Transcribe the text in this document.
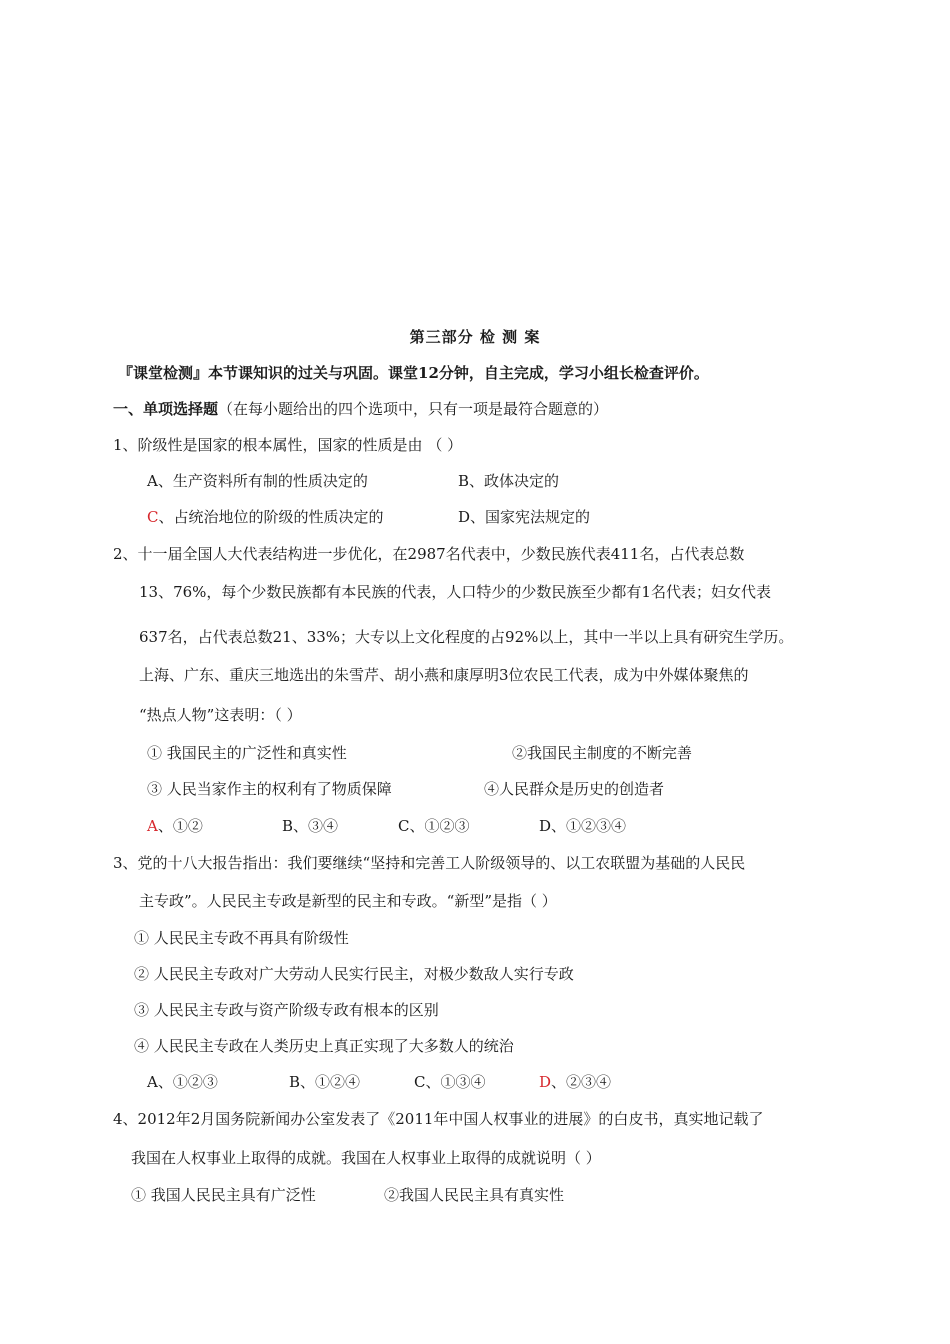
第三部分 检 测 案
『课堂检测』本节课知识的过关与巩固。课堂12分钟，自主完成，学习小组长检查评价。
一、单项选择题（在每小题给出的四个选项中，只有一项是最符合题意的）
1、阶级性是国家的根本属性，国家的性质是由 （ ）
A、生产资料所有制的性质决定的	B、政体决定的
C、占统治地位的阶级的性质决定的	D、国家宪法规定的
2、十一届全国人大代表结构进一步优化，在2987名代表中，少数民族代表411名，占代表总数
13、76%，每个少数民族都有本民族的代表，人口特少的少数民族至少都有1名代表；妇女代表
637名，占代表总数21、33%；大专以上文化程度的占92%以上，其中一半以上具有研究生学历。
上海、广东、重庆三地选出的朱雪芹、胡小燕和康厚明3位农民工代表，成为中外媒体聚焦的
“热点人物”这表明：（ ）
① 我国民主的广泛性和真实性	②我国民主制度的不断完善
③ 人民当家作主的权利有了物质保障	④人民群众是历史的创造者
A、①②	B、③④	C、①②③	D、①②③④
3、党的十八大报告指出：我们要继续“坚持和完善工人阶级领导的、以工农联盟为基础的人民民
主专政”。人民民主专政是新型的民主和专政。“新型”是指（ ）
① 人民民主专政不再具有阶级性
② 人民民主专政对广大劳动人民实行民主，对极少数敌人实行专政
③ 人民民主专政与资产阶级专政有根本的区别
④ 人民民主专政在人类历史上真正实现了大多数人的统治
A、①②③	B、①②④	C、①③④	D、②③④
4、2012年2月国务院新闻办公室发表了《2011年中国人权事业的进展》的白皮书，真实地记载了
我国在人权事业上取得的成就。我国在人权事业上取得的成就说明（ ）
① 我国人民民主具有广泛性	②我国人民民主具有真实性
